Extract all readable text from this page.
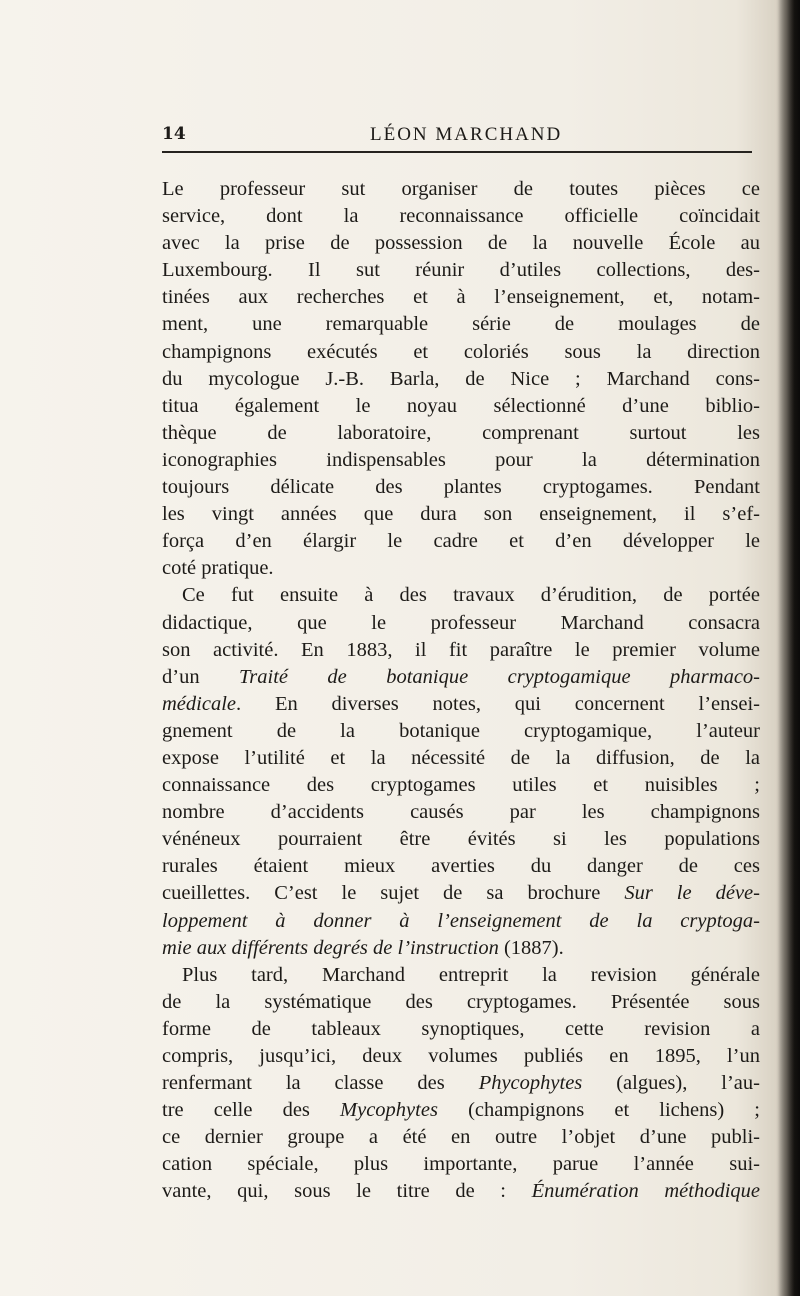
14	LÉON MARCHAND
Le professeur sut organiser de toutes pièces ce
service, dont la reconnaissance officielle coïncidait
avec la prise de possession de la nouvelle École au
Luxembourg. Il sut réunir d’utiles collections, des-
tinées aux recherches et à l’enseignement, et, notam-
ment, une remarquable série de moulages de
champignons exécutés et coloriés sous la direction
du mycologue J.-B. Barla, de Nice ; Marchand cons-
titua également le noyau sélectionné d’une biblio-
thèque de laboratoire, comprenant surtout les
iconographies indispensables pour la détermination
toujours délicate des plantes cryptogames. Pendant
les vingt années que dura son enseignement, il s’ef-
força d’en élargir le cadre et d’en développer le
coté pratique.
Ce fut ensuite à des travaux d’érudition, de portée
didactique, que le professeur Marchand consacra
son activité. En 1883, il fit paraître le premier volume
d’un Traité de botanique cryptogamique pharmaco-
médicale. En diverses notes, qui concernent l’ensei-
gnement de la botanique cryptogamique, l’auteur
expose l’utilité et la nécessité de la diffusion, de la
connaissance des cryptogames utiles et nuisibles ;
nombre d’accidents causés par les champignons
vénéneux pourraient être évités si les populations
rurales étaient mieux averties du danger de ces
cueillettes. C’est le sujet de sa brochure Sur le déve-
loppement à donner à l’enseignement de la cryptoga-
mie aux différents degrés de l’instruction (1887).
Plus tard, Marchand entreprit la revision générale
de la systématique des cryptogames. Présentée sous
forme de tableaux synoptiques, cette revision a
compris, jusqu’ici, deux volumes publiés en 1895, l’un
renfermant la classe des Phycophytes (algues), l’au-
tre celle des Mycophytes (champignons et lichens) ;
ce dernier groupe a été en outre l’objet d’une publi-
cation spéciale, plus importante, parue l’année sui-
vante, qui, sous le titre de : Énumération méthodique
